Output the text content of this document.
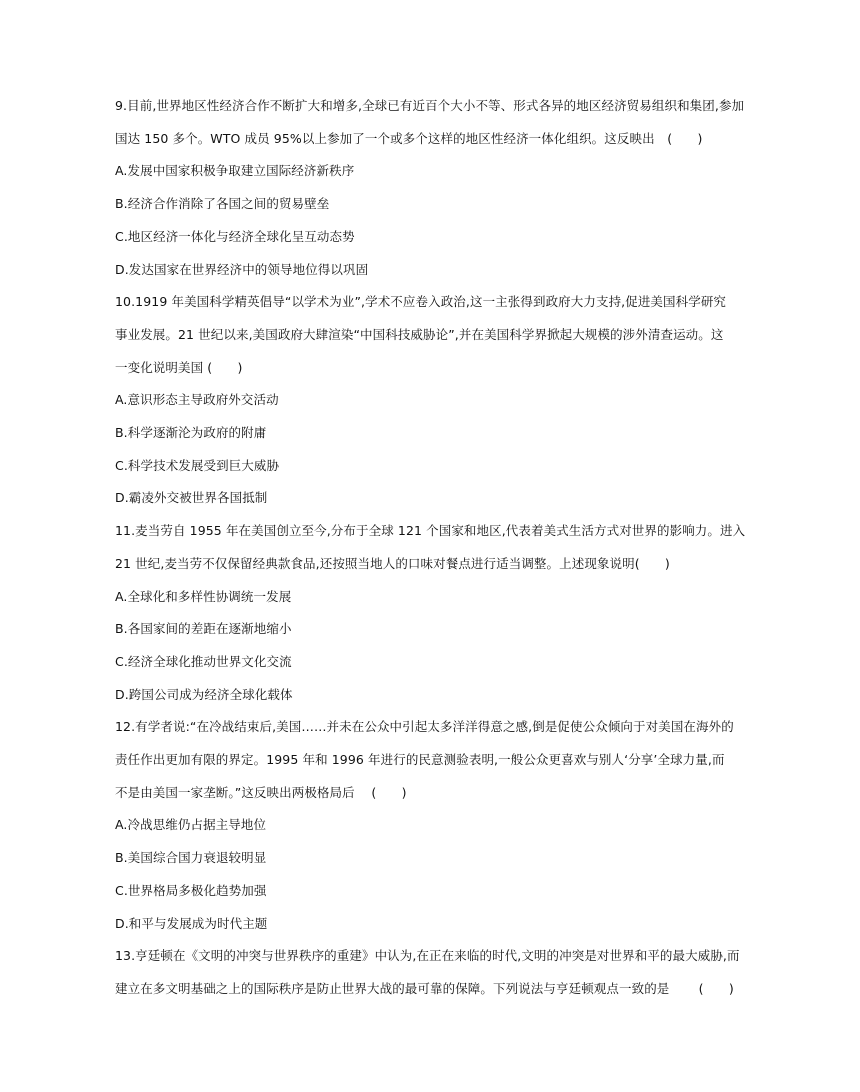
9.目前,世界地区性经济合作不断扩大和增多,全球已有近百个大小不等、形式各异的地区经济贸易组织和集团,参加
国达 150 多个。WTO 成员 95%以上参加了一个或多个这样的地区性经济一体化组织。这反映出　(　　)
A.发展中国家积极争取建立国际经济新秩序
B.经济合作消除了各国之间的贸易壁垒
C.地区经济一体化与经济全球化呈互动态势
D.发达国家在世界经济中的领导地位得以巩固
10.1919 年美国科学精英倡导“以学术为业”,学术不应卷入政治,这一主张得到政府大力支持,促进美国科学研究
事业发展。21 世纪以来,美国政府大肆渲染“中国科技威胁论”,并在美国科学界掀起大规模的涉外清查运动。这
一变化说明美国 (　　)
A.意识形态主导政府外交活动
B.科学逐渐沦为政府的附庸
C.科学技术发展受到巨大威胁
D.霸凌外交被世界各国抵制
11.麦当劳自 1955 年在美国创立至今,分布于全球 121 个国家和地区,代表着美式生活方式对世界的影响力。进入
21 世纪,麦当劳不仅保留经典款食品,还按照当地人的口味对餐点进行适当调整。上述现象说明(　　)
A.全球化和多样性协调统一发展
B.各国家间的差距在逐渐地缩小
C.经济全球化推动世界文化交流
D.跨国公司成为经济全球化载体
12.有学者说:“在冷战结束后,美国……并未在公众中引起太多洋洋得意之感,倒是促使公众倾向于对美国在海外的
责任作出更加有限的界定。1995 年和 1996 年进行的民意测验表明,一般公众更喜欢与别人‘分享’全球力量,而
不是由美国一家垄断。”这反映出两极格局后　 (　　)
A.冷战思维仍占据主导地位
B.美国综合国力衰退较明显
C.世界格局多极化趋势加强
D.和平与发展成为时代主题
13.亨廷顿在《文明的冲突与世界秩序的重建》中认为,在正在来临的时代,文明的冲突是对世界和平的最大威胁,而
建立在多文明基础之上的国际秩序是防止世界大战的最可靠的保障。下列说法与亨廷顿观点一致的是　　 (　　)
